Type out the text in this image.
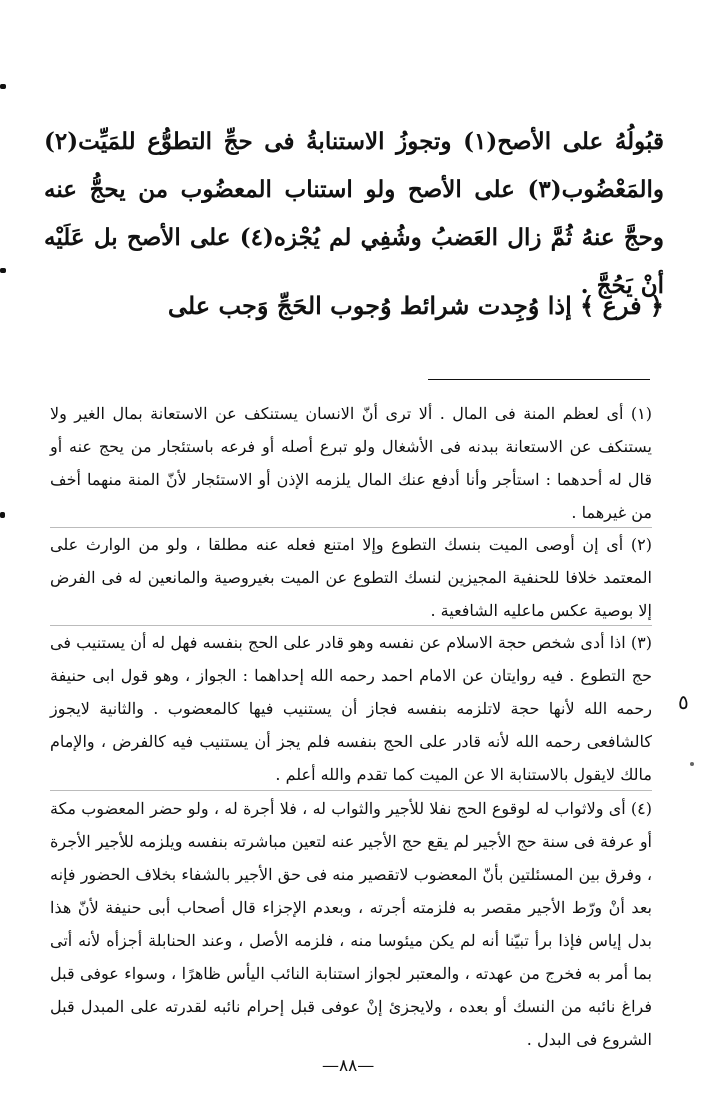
قبُولُهُ على الأصح(١) وتجوزُ الاستنابةُ فى حجِّ التطوُّع للمَيِّت(٢) والمَعْضُوب(٣) على الأصح ولو استناب المعضُوب من يحجُّ عنه وحجَّ عنهُ ثُمَّ زال العَضبُ وشُفِي لم يُجْزه(٤) على الأصح بل عَلَيْه أنْ يَحُجَّ .

﴿ فرع ﴾ إذا وُجِدت شرائط وُجوب الحَجِّ وَجب على

(١) أى لعظم المنة فى المال . ألا ترى أنّ الانسان يستنكف عن الاستعانة بمال الغير ولا يستنكف عن الاستعانة ببدنه فى الأشغال ولو تبرع أصله أو فرعه باستئجار من يحج عنه أو قال له أحدهما : استأجر وأنا أدفع عنك المال يلزمه الإذن أو الاستئجار لأنّ المنة منهما أخف من غيرهما .

(٢) أى إن أوصى الميت بنسك التطوع وإلا امتنع فعله عنه مطلقا ، ولو من الوارث على المعتمد خلافا للحنفية المجيزين لنسك التطوع عن الميت بغيروصية والمانعين له فى الفرض إلا بوصية عكس ماعليه الشافعية .

(٣) اذا أدى شخص حجة الاسلام عن نفسه وهو قادر على الحج بنفسه فهل له أن يستنيب فى حج التطوع . فيه روايتان عن الامام احمد رحمه الله إحداهما : الجواز ، وهو قول ابى حنيفة رحمه الله لأنها حجة لاتلزمه بنفسه فجاز أن يستنيب فيها كالمعضوب . والثانية لايجوز كالشافعى رحمه الله لأنه قادر على الحج بنفسه فلم يجز أن يستنيب فيه كالفرض ، والإمام مالك لايقول بالاستنابة الا عن الميت كما تقدم والله أعلم .

(٤) أى ولاثواب له لوقوع الحج نفلا للأجير والثواب له ، فلا أجرة له ، ولو حضر المعضوب مكة أو عرفة فى سنة حج الأجير لم يقع حج الأجير عنه لتعين مباشرته بنفسه ويلزمه للأجير الأجرة ، وفرق بين المسئلتين بأنّ المعضوب لاتقصير منه فى حق الأجير بالشفاء بخلاف الحضور فإنه بعد أنْ ورّط الأجير مقصر به فلزمته أجرته ، وبعدم الإجزاء قال أصحاب أبى حنيفة لأنّ هذا بدل إياس فإذا برأ تبيّنا أنه لم يكن ميئوسا منه ، فلزمه الأصل ، وعند الحنابلة أجزأه لأنه أتى بما أمر به فخرج من عهدته ، والمعتبر لجواز استنابة النائب اليأس ظاهرًا ، وسواء عوفى قبل فراغ نائبه من النسك أو بعده ، ولايجزئ إنْ عوفى قبل إحرام نائبه لقدرته على المبدل قبل الشروع فى البدل .

٥
—٨٨—
